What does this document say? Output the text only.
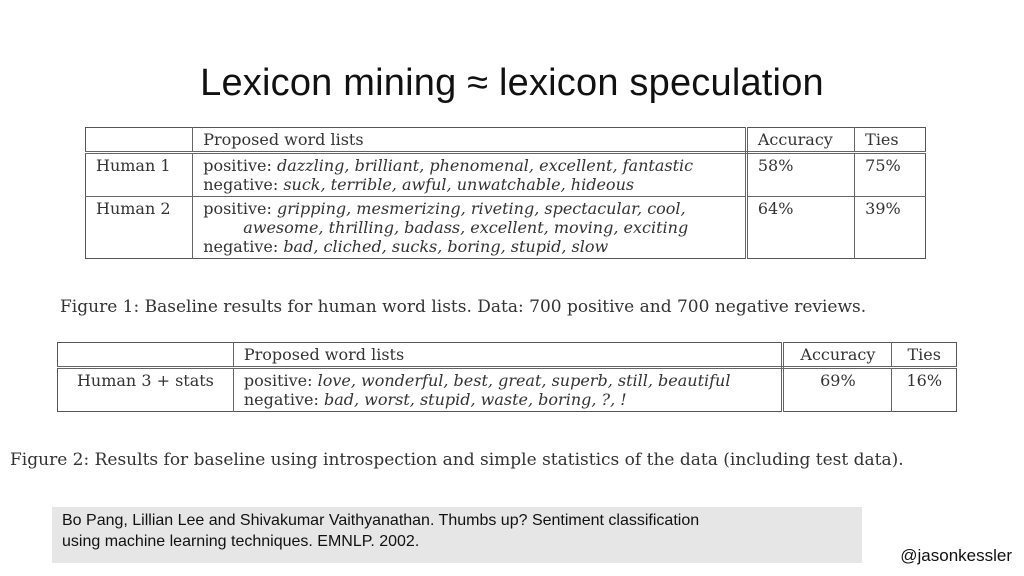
Lexicon mining ≈ lexicon speculation
	Proposed word lists	Accuracy	Ties
Human 1	positive: dazzling, brilliant, phenomenal, excellent, fantastic
negative: suck, terrible, awful, unwatchable, hideous	58%	75%
Human 2	positive: gripping, mesmerizing, riveting, spectacular, cool,
awesome, thrilling, badass, excellent, moving, exciting
negative: bad, cliched, sucks, boring, stupid, slow	64%	39%
Figure 1: Baseline results for human word lists. Data: 700 positive and 700 negative reviews.
	Proposed word lists	Accuracy	Ties
Human 3 + stats	positive: love, wonderful, best, great, superb, still, beautiful
negative: bad, worst, stupid, waste, boring, ?, !	69%	16%
Figure 2: Results for baseline using introspection and simple statistics of the data (including test data).
Bo Pang, Lillian Lee and Shivakumar Vaithyanathan. Thumbs up? Sentiment classification
using machine learning techniques. EMNLP. 2002.
@jasonkessler
